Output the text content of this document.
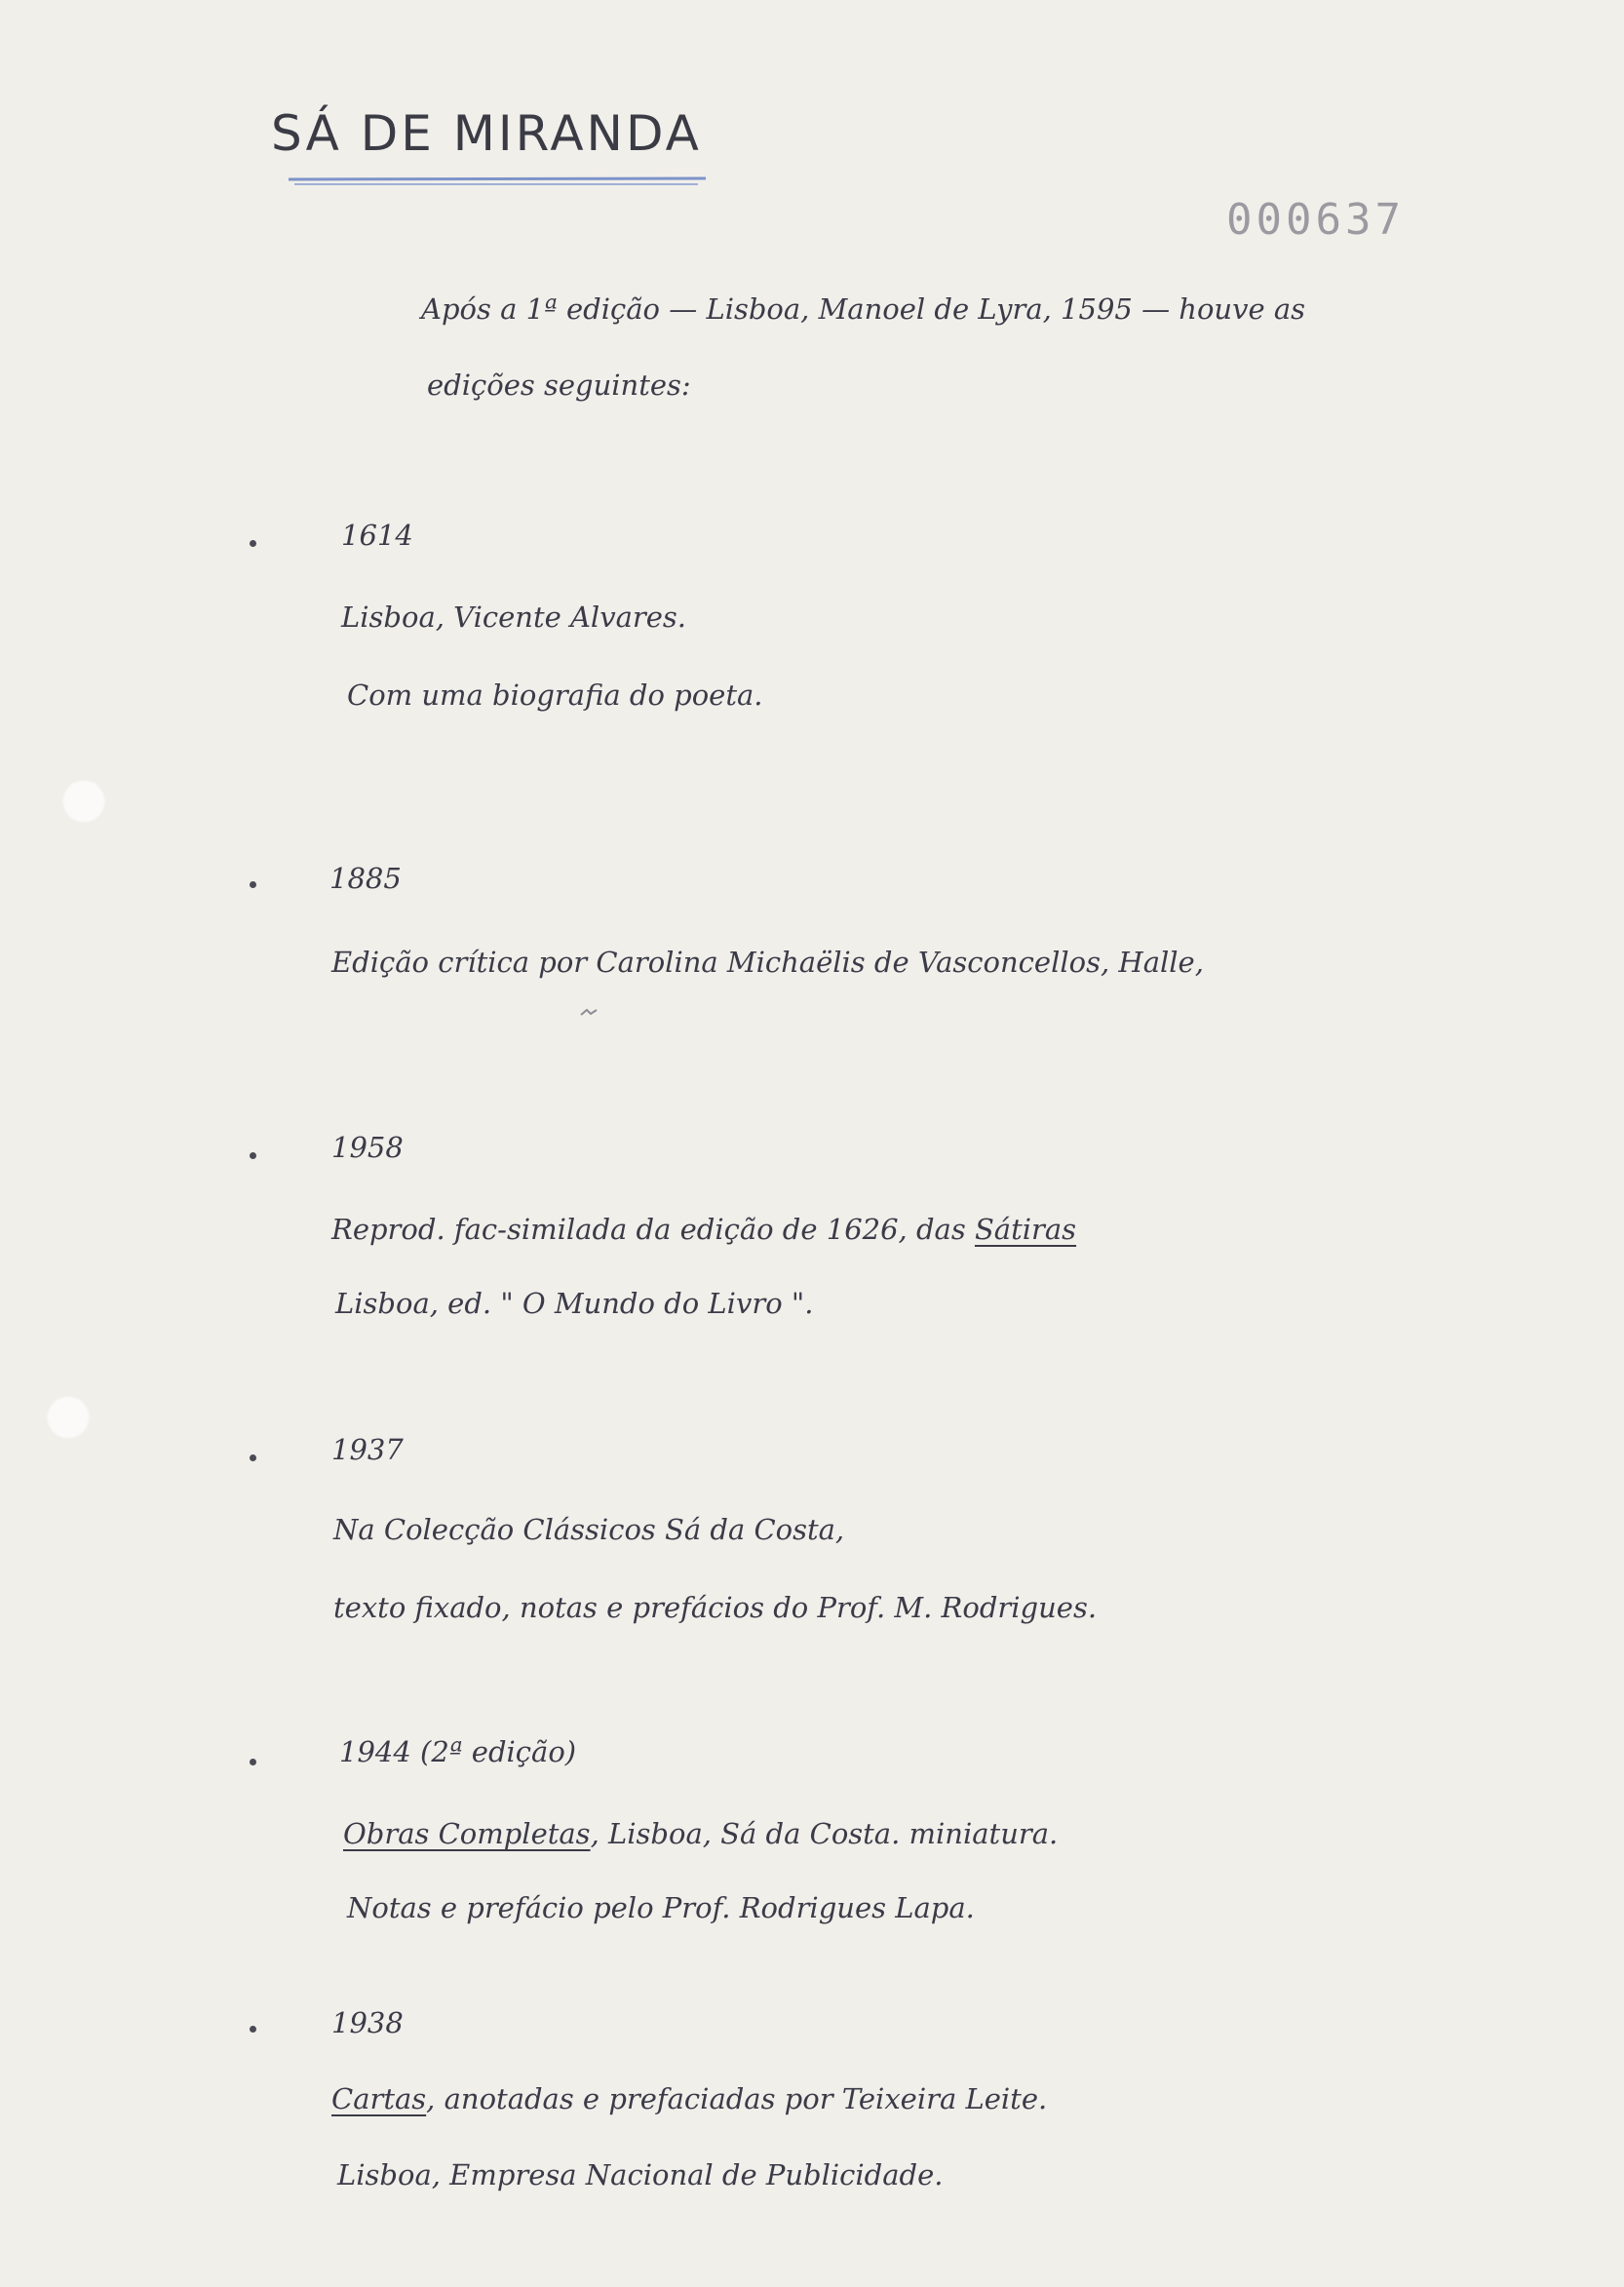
SÁ DE MIRANDA
000637
Após a 1ª edição — Lisboa, Manoel de Lyra, 1595 — houve as
edições seguintes:
1614
Lisboa, Vicente Alvares.
Com uma biografia do poeta.
1885
Edição crítica por Carolina Michaëlis de Vasconcellos, Halle,
1958
Reprod. fac-similada da edição de 1626, das Sátiras
Lisboa, ed. " O Mundo do Livro ".
1937
Na Colecção Clássicos Sá da Costa,
texto fixado, notas e prefácios do Prof. M. Rodrigues.
1944 (2ª edição)
Obras Completas, Lisboa, Sá da Costa. miniatura.
Notas e prefácio pelo Prof. Rodrigues Lapa.
1938
Cartas, anotadas e prefaciadas por Teixeira Leite.
Lisboa, Empresa Nacional de Publicidade.
